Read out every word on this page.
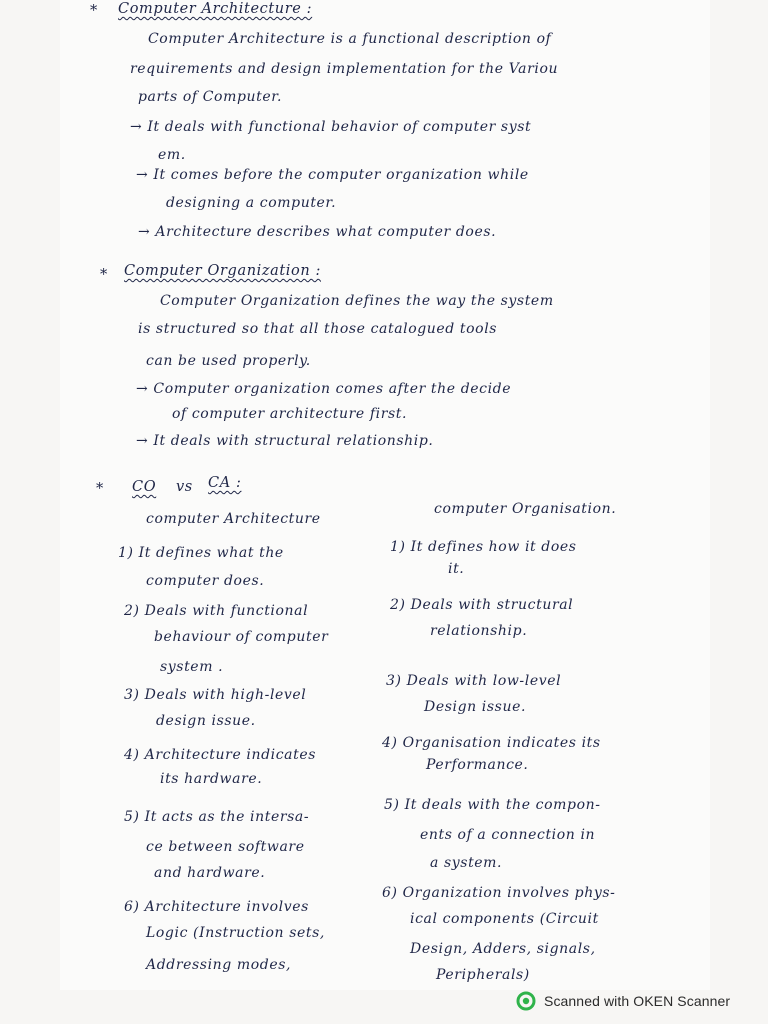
* Computer Architecture :
Computer Architecture is a functional description of
requirements and design implementation for the Variou
parts of Computer.
→ It deals with functional behavior of computer syst
em.
→ It comes before the computer organization while
designing a computer.
→ Architecture describes what computer does.
* Computer Organization :
Computer Organization defines the way the system
is structured so that all those catalogued tools
can be used properly.
→ Computer organization comes after the decide
of computer architecture first.
→ It deals with structural relationship.
* CO vs CA :
computer Architecture
computer Organisation.
1) It defines what the
computer does.
2) Deals with functional
behaviour of computer
system .
3) Deals with high-level
design issue.
4) Architecture indicates
its hardware.
5) It acts as the intersa-
ce between software
and hardware.
6) Architecture involves
Logic (Instruction sets,
Addressing modes,
1) It defines how it does
it.
2) Deals with structural
relationship.
3) Deals with low-level
Design issue.
4) Organisation indicates its
Performance.
5) It deals with the compon-
ents of a connection in
a system.
6) Organization involves phys-
ical components (Circuit
Design, Adders, signals,
Peripherals)
Scanned with OKEN Scanner
